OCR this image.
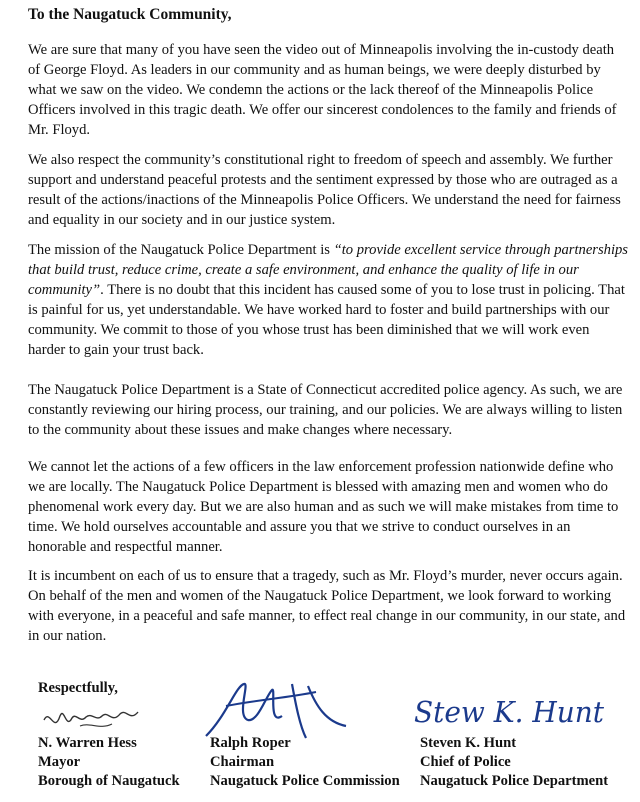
To the Naugatuck Community,

We are sure that many of you have seen the video out of Minneapolis involving the in-custody death of George Floyd. As leaders in our community and as human beings, we were deeply disturbed by what we saw on the video. We condemn the actions or the lack thereof of the Minneapolis Police Officers involved in this tragic death. We offer our sincerest condolences to the family and friends of Mr. Floyd.

We also respect the community’s constitutional right to freedom of speech and assembly. We further support and understand peaceful protests and the sentiment expressed by those who are outraged as a result of the actions/inactions of the Minneapolis Police Officers. We understand the need for fairness and equality in our society and in our justice system.

The mission of the Naugatuck Police Department is “to provide excellent service through partnerships that build trust, reduce crime, create a safe environment, and enhance the quality of life in our community”. There is no doubt that this incident has caused some of you to lose trust in policing. That is painful for us, yet understandable. We have worked hard to foster and build partnerships with our community. We commit to those of you whose trust has been diminished that we will work even harder to gain your trust back.

The Naugatuck Police Department is a State of Connecticut accredited police agency. As such, we are constantly reviewing our hiring process, our training, and our policies. We are always willing to listen to the community about these issues and make changes where necessary.

We cannot let the actions of a few officers in the law enforcement profession nationwide define who we are locally. The Naugatuck Police Department is blessed with amazing men and women who do phenomenal work every day. But we are also human and as such we will make mistakes from time to time. We hold ourselves accountable and assure you that we strive to conduct ourselves in an honorable and respectful manner.

It is incumbent on each of us to ensure that a tragedy, such as Mr. Floyd’s murder, never occurs again. On behalf of the men and women of the Naugatuck Police Department, we look forward to working with everyone, in a peaceful and safe manner, to effect real change in our community, in our state, and in our nation.

Respectfully,
Stew K. Hunt
N. Warren Hess
Mayor
Borough of Naugatuck
Ralph Roper
Chairman
Naugatuck Police Commission
Steven K. Hunt
Chief of Police
Naugatuck Police Department
